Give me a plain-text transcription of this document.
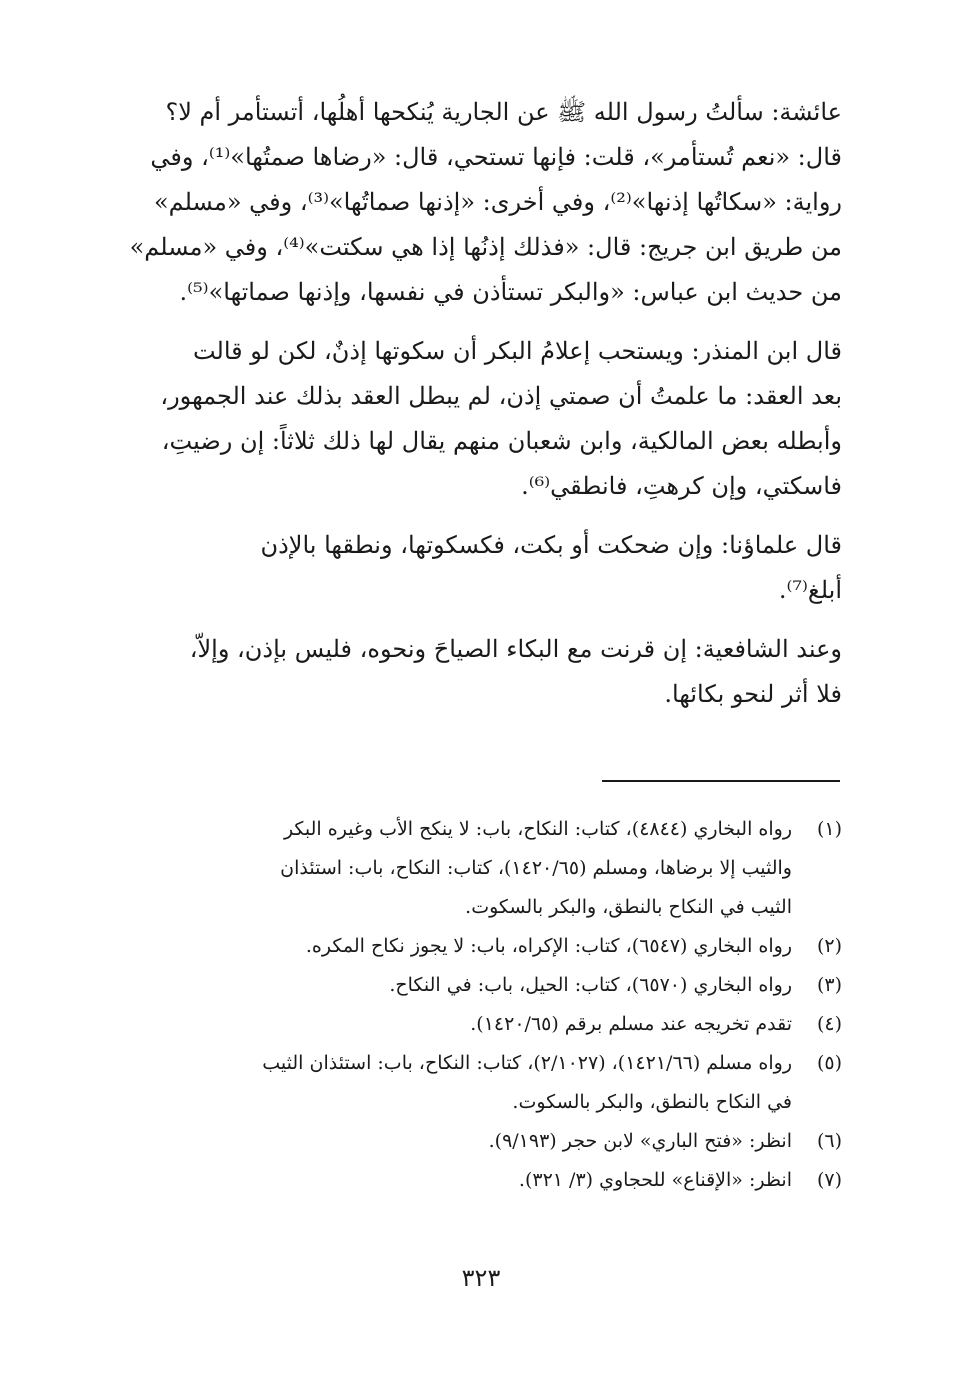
عائشة: سألتُ رسول الله ﷺ عن الجارية يُنكحها أهلُها، أتستأمر أم لا؟
قال: «نعم تُستأمر»، قلت: فإنها تستحي، قال: «رضاها صمتُها»⁽¹⁾، وفي
رواية: «سكاتُها إذنها»⁽²⁾، وفي أخرى: «إذنها صماتُها»⁽³⁾، وفي «مسلم»
من طريق ابن جريج: قال: «فذلك إذنُها إذا هي سكتت»⁽⁴⁾، وفي «مسلم»
من حديث ابن عباس: «والبكر تستأذن في نفسها، وإذنها صماتها»⁽⁵⁾.

قال ابن المنذر: ويستحب إعلامُ البكر أن سكوتها إذنٌ، لكن لو قالت
بعد العقد: ما علمتُ أن صمتي إذن، لم يبطل العقد بذلك عند الجمهور،
وأبطله بعض المالكية، وابن شعبان منهم يقال لها ذلك ثلاثاً: إن رضيتِ،
فاسكتي، وإن كرهتِ، فانطقي⁽⁶⁾.

قال علماؤنا: وإن ضحكت أو بكت، فكسكوتها، ونطقها بالإذن
أبلغ⁽⁷⁾.

وعند الشافعية: إن قرنت مع البكاء الصياحَ ونحوه، فليس بإذن، وإلاّ،
فلا أثر لنحو بكائها.

(١)
رواه البخاري (٤٨٤٤)، كتاب: النكاح، باب: لا ينكح الأب وغيره البكر
والثيب إلا برضاها، ومسلم (١٤٢٠/٦٥)، كتاب: النكاح، باب: استئذان
الثيب في النكاح بالنطق، والبكر بالسكوت.
(٢)
رواه البخاري (٦٥٤٧)، كتاب: الإكراه، باب: لا يجوز نكاح المكره.
(٣)
رواه البخاري (٦٥٧٠)، كتاب: الحيل، باب: في النكاح.
(٤)
تقدم تخريجه عند مسلم برقم (١٤٢٠/٦٥).
(٥)
رواه مسلم (١٤٢١/٦٦)، (٢/١٠٢٧)، كتاب: النكاح، باب: استئذان الثيب
في النكاح بالنطق، والبكر بالسكوت.
(٦)
انظر: «فتح الباري» لابن حجر (٩/١٩٣).
(٧)
انظر: «الإقناع» للحجاوي (٣/ ٣٢١).
٣٢٣
